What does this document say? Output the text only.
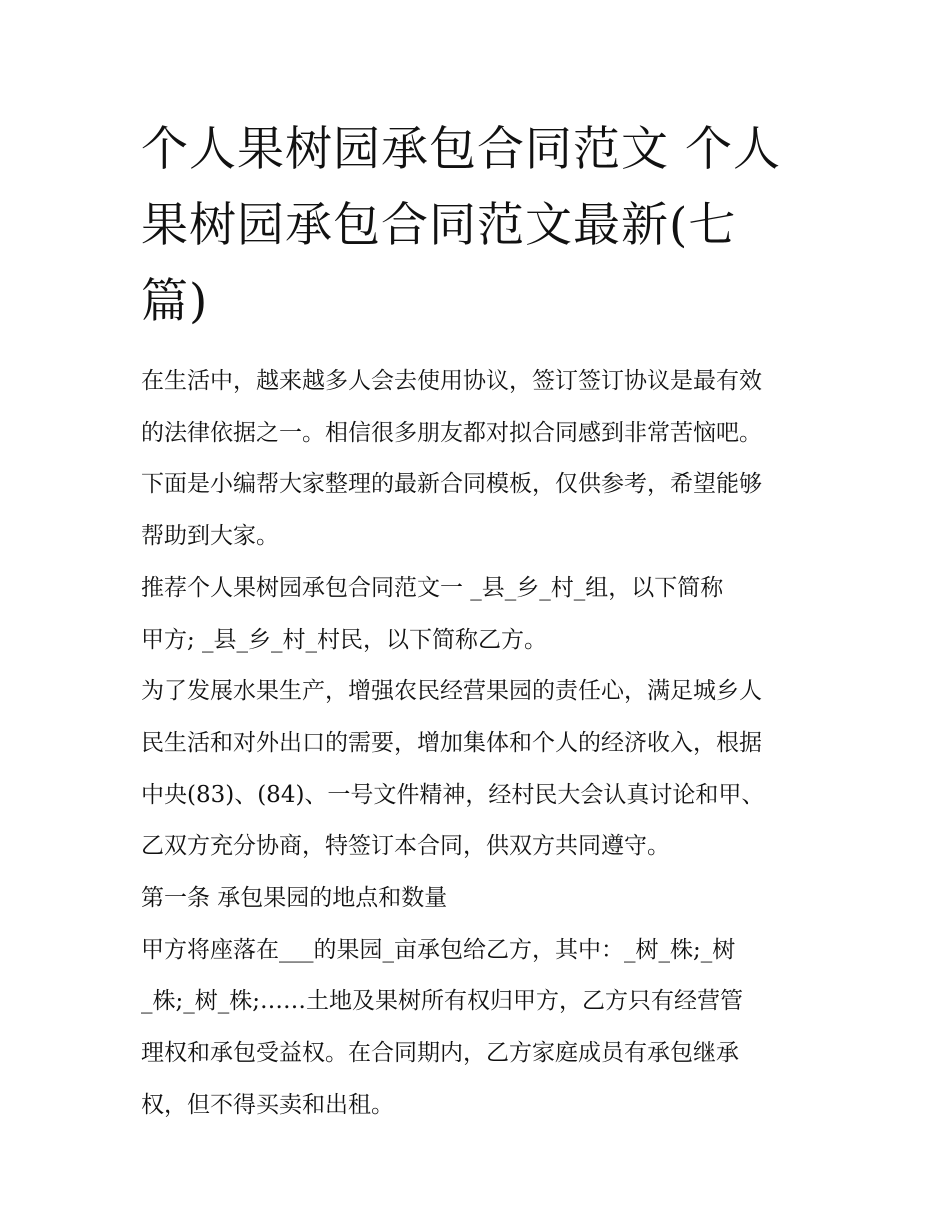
个人果树园承包合同范文 个人
果树园承包合同范文最新(七
篇)
在生活中，越来越多人会去使用协议，签订签订协议是最有效
的法律依据之一。相信很多朋友都对拟合同感到非常苦恼吧。
下面是小编帮大家整理的最新合同模板，仅供参考，希望能够
帮助到大家。
推荐个人果树园承包合同范文一 _县_乡_村_组，以下简称
甲方; _县_乡_村_村民，以下简称乙方。
为了发展水果生产，增强农民经营果园的责任心，满足城乡人
民生活和对外出口的需要，增加集体和个人的经济收入，根据
中央(83)、(84)、一号文件精神，经村民大会认真讨论和甲、
乙双方充分协商，特签订本合同，供双方共同遵守。
第一条 承包果园的地点和数量
甲方将座落在___的果园_亩承包给乙方，其中：_树_株;_树
_株;_树_株;……土地及果树所有权归甲方，乙方只有经营管
理权和承包受益权。在合同期内，乙方家庭成员有承包继承
权，但不得买卖和出租。
